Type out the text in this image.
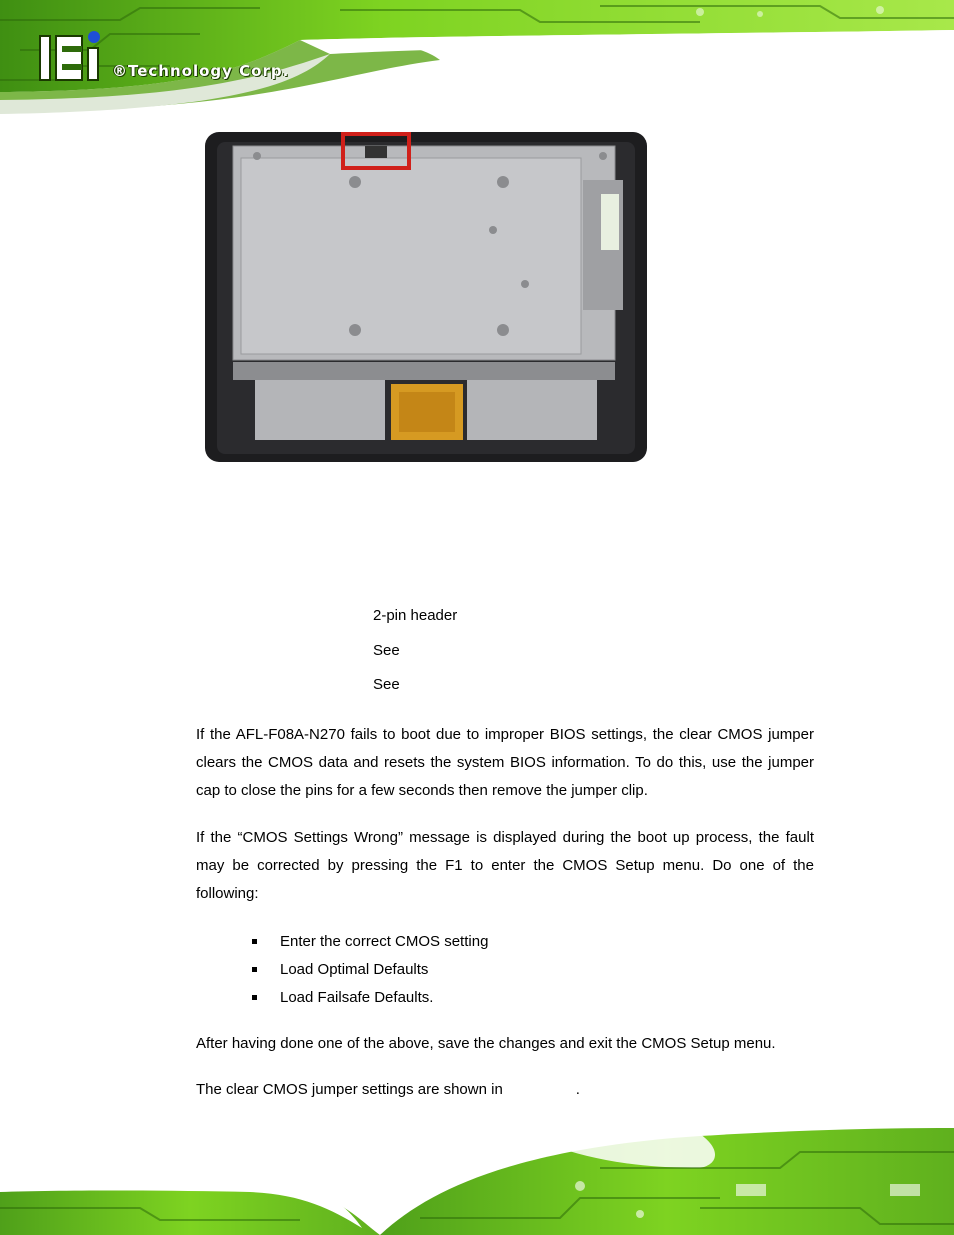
®Technology Corp.
2-pin header
See
See
If the AFL-F08A-N270 fails to boot due to improper BIOS settings, the clear CMOS jumper clears the CMOS data and resets the system BIOS information. To do this, use the jumper cap to close the pins for a few seconds then remove the jumper clip.
If the “CMOS Settings Wrong” message is displayed during the boot up process, the fault may be corrected by pressing the F1 to enter the CMOS Setup menu. Do one of the following:
Enter the correct CMOS setting
Load Optimal Defaults
Load Failsafe Defaults.
After having done one of the above, save the changes and exit the CMOS Setup menu.
The clear CMOS jumper settings are shown in	.
